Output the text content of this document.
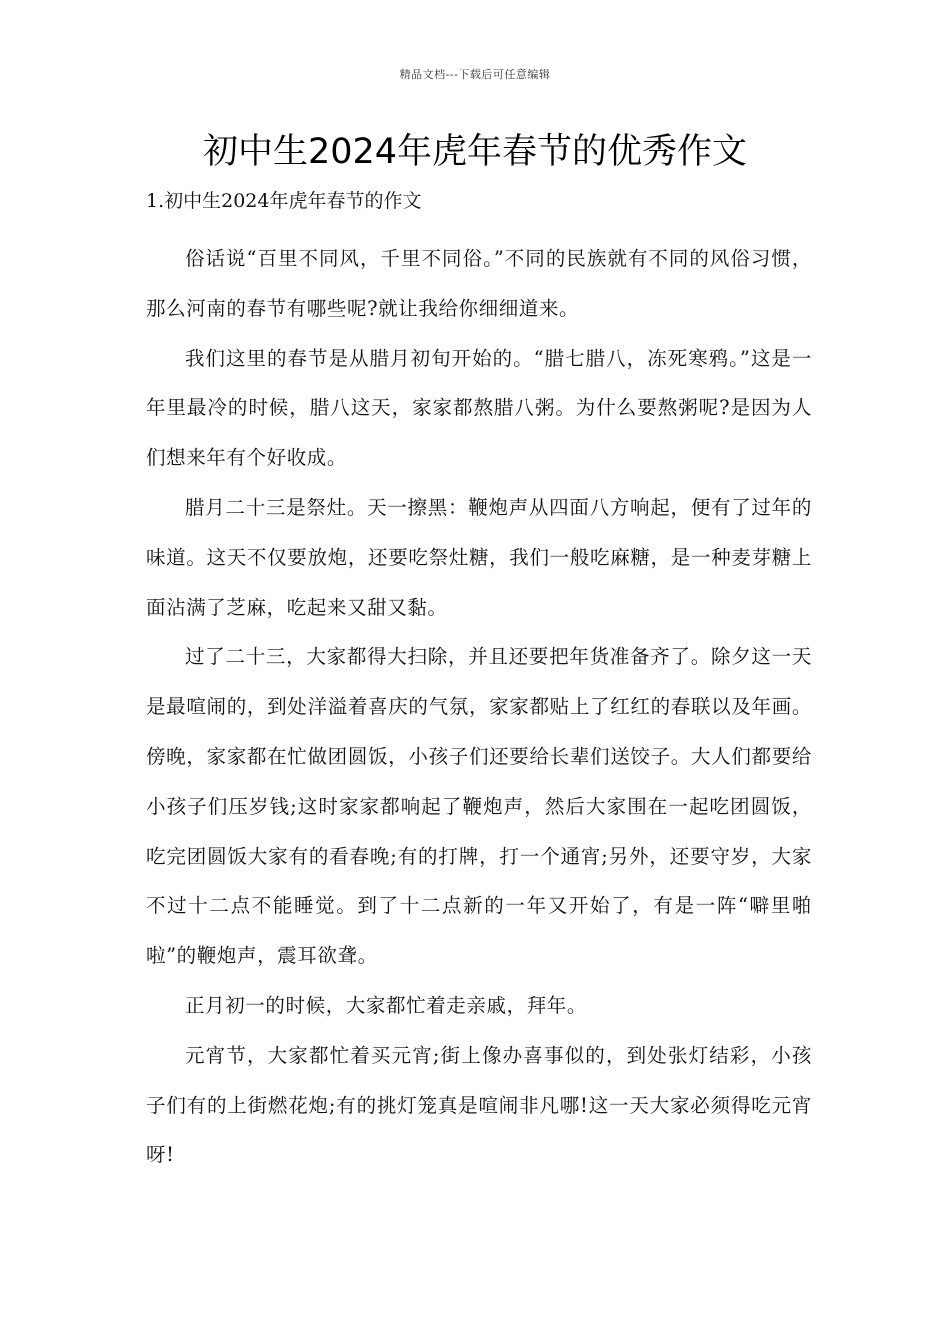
精品文档---下载后可任意编辑
初中生2024年虎年春节的优秀作文
1.初中生2024年虎年春节的作文

俗话说“百里不同风，千里不同俗。”不同的民族就有不同的风俗习惯，那么河南的春节有哪些呢?就让我给你细细道来。

我们这里的春节是从腊月初旬开始的。“腊七腊八，冻死寒鸦。”这是一年里最冷的时候，腊八这天，家家都熬腊八粥。为什么要熬粥呢?是因为人们想来年有个好收成。

腊月二十三是祭灶。天一擦黑：鞭炮声从四面八方响起，便有了过年的味道。这天不仅要放炮，还要吃祭灶糖，我们一般吃麻糖，是一种麦芽糖上面沾满了芝麻，吃起来又甜又黏。

过了二十三，大家都得大扫除，并且还要把年货准备齐了。除夕这一天是最喧闹的，到处洋溢着喜庆的气氛，家家都贴上了红红的春联以及年画。傍晚，家家都在忙做团圆饭，小孩子们还要给长辈们送饺子。大人们都要给小孩子们压岁钱;这时家家都响起了鞭炮声，然后大家围在一起吃团圆饭，吃完团圆饭大家有的看春晚;有的打牌，打一个通宵;另外，还要守岁，大家不过十二点不能睡觉。到了十二点新的一年又开始了，有是一阵“噼里啪啦”的鞭炮声，震耳欲聋。

正月初一的时候，大家都忙着走亲戚，拜年。

元宵节，大家都忙着买元宵;街上像办喜事似的，到处张灯结彩，小孩子们有的上街燃花炮;有的挑灯笼真是喧闹非凡哪!这一天大家必须得吃元宵呀!
